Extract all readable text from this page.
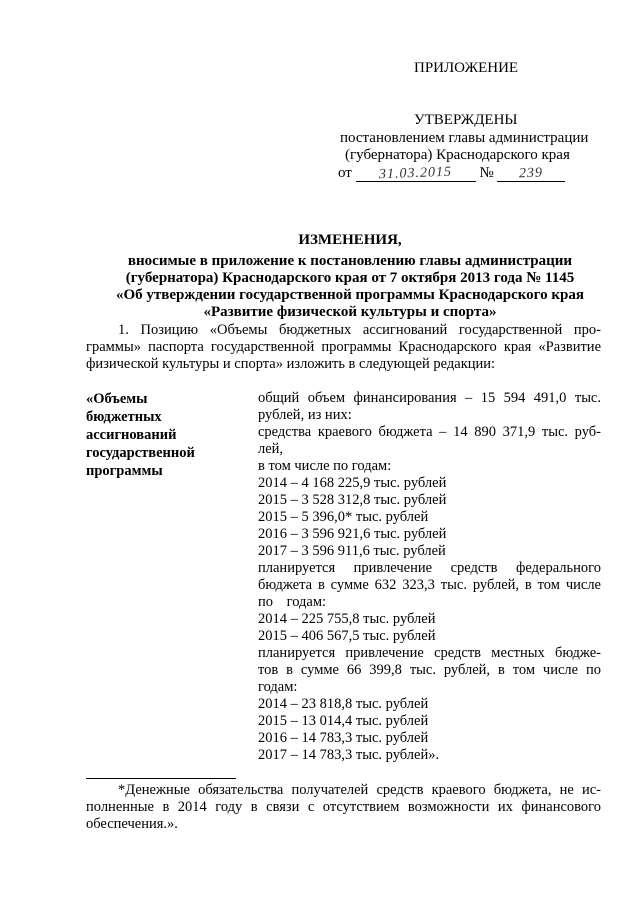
ПРИЛОЖЕНИЕ
УТВЕРЖДЕНЫ
постановлением главы администрации
(губернатора) Краснодарского края
от 31.03.2015 № 239
ИЗМЕНЕНИЯ,
вносимые в приложение к постановлению главы администрации
(губернатора) Краснодарского края от 7 октября 2013 года № 1145
«Об утверждении государственной программы Краснодарского края
«Развитие физической культуры и спорта»
1. Позицию «Объемы бюджетных ассигнований государственной про-
граммы» паспорта государственной программы Краснодарского края «Развитие
физической культуры и спорта» изложить в следующей редакции:
«Объемы
бюджетных
ассигнований
государственной
программы
общий объем финансирования – 15 594 491,0 тыс.
рублей, из них:
средства краевого бюджета – 14 890 371,9 тыс. руб-
лей,
в том числе по годам:
2014 – 4 168 225,9 тыс. рублей
2015 – 3 528 312,8 тыс. рублей
2015 – 5 396,0* тыс. рублей
2016 – 3 596 921,6 тыс. рублей
2017 – 3 596 911,6 тыс. рублей
планируется привлечение средств федерального
бюджета в сумме 632 323,3 тыс. рублей, в том числе
по годам:
2014 – 225 755,8 тыс. рублей
2015 – 406 567,5 тыс. рублей
планируется привлечение средств местных бюдже-
тов в сумме 66 399,8 тыс. рублей, в том числе по
годам:
2014 – 23 818,8 тыс. рублей
2015 – 13 014,4 тыс. рублей
2016 – 14 783,3 тыс. рублей
2017 – 14 783,3 тыс. рублей».
*Денежные обязательства получателей средств краевого бюджета, не ис-
полненные в 2014 году в связи с отсутствием возможности их финансового
обеспечения.».
